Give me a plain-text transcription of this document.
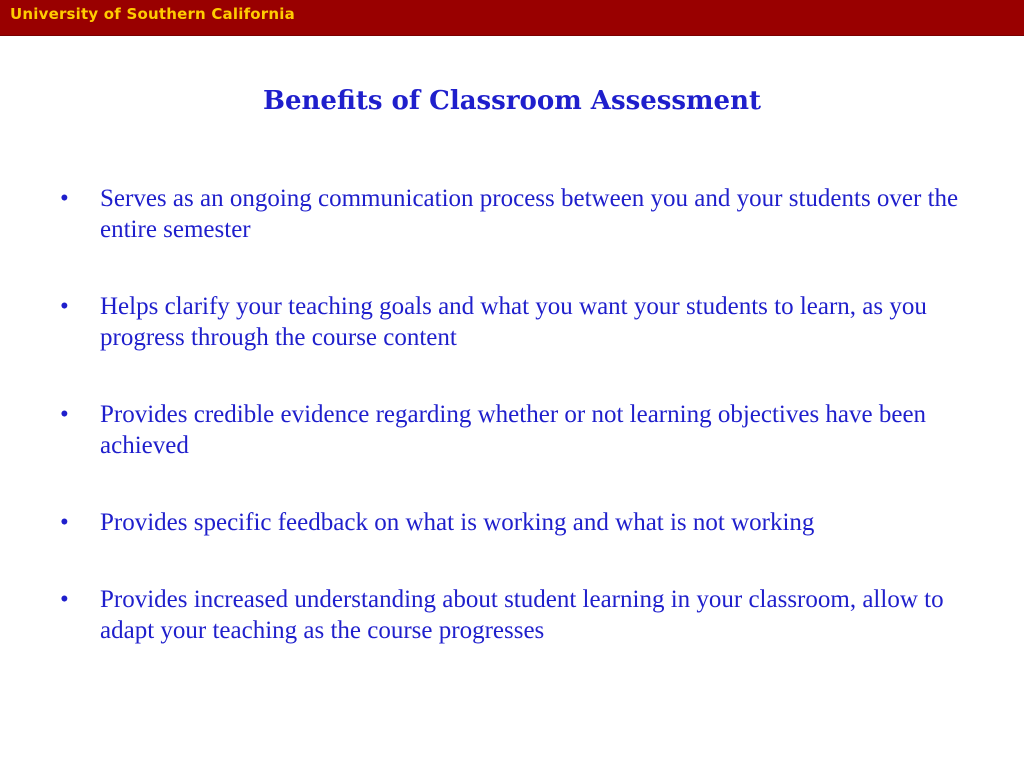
University of Southern California
Benefits of Classroom Assessment
• Serves as an ongoing communication process between you and your students over the entire semester
• Helps clarify your teaching goals and what you want your students to learn, as you progress through the course content
• Provides credible evidence regarding whether or not learning objectives have been achieved
• Provides specific feedback on what is working and what is not working
• Provides increased understanding about student learning in your classroom, allow to adapt your teaching as the course progresses
